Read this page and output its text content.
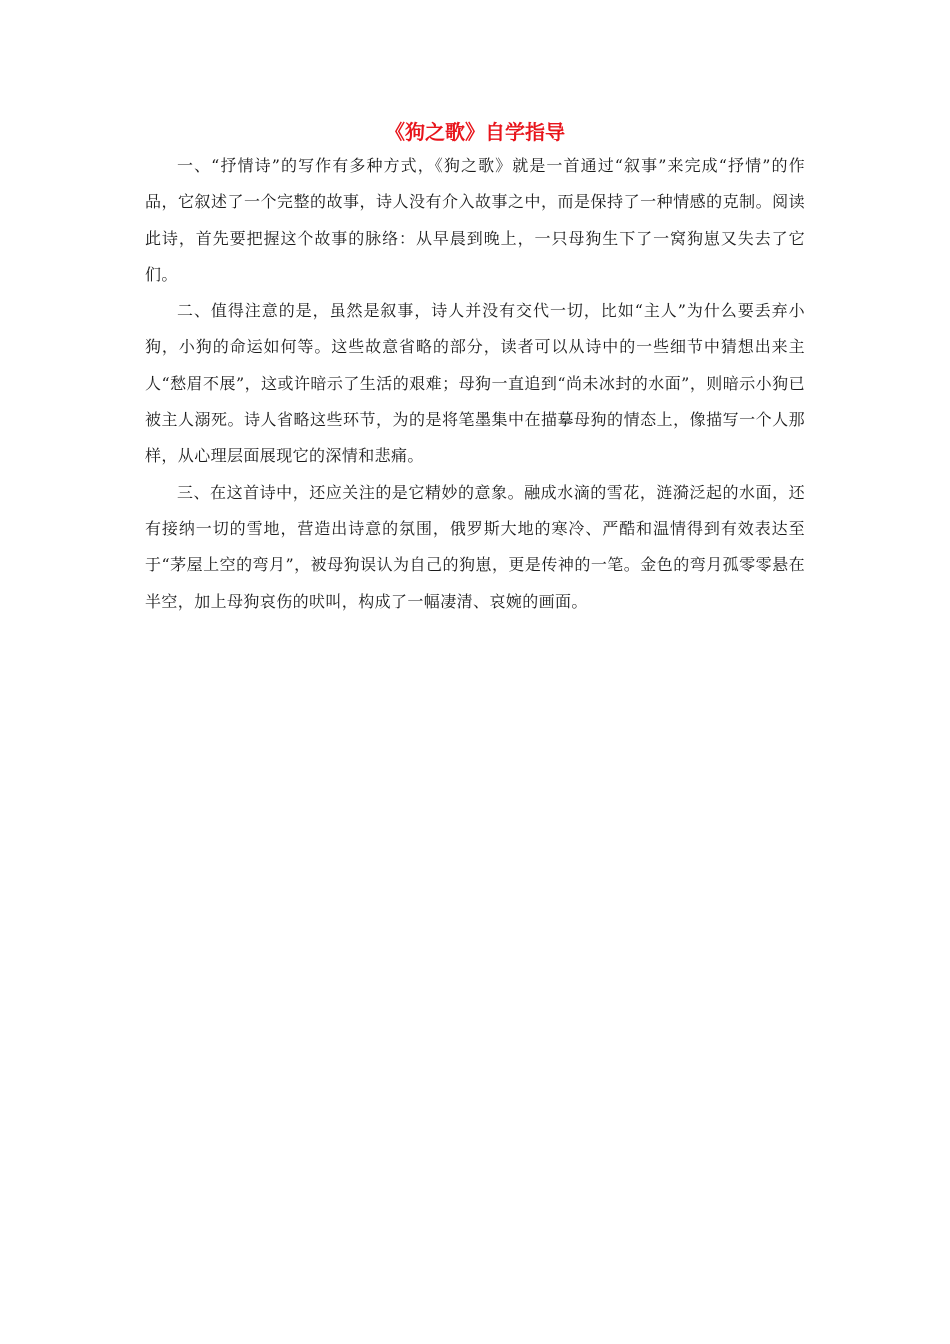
《狗之歌》自学指导

一、“抒情诗”的写作有多种方式，《狗之歌》就是一首通过“叙事”来完成“抒情”的作品，它叙述了一个完整的故事，诗人没有介入故事之中，而是保持了一种情感的克制。阅读此诗，首先要把握这个故事的脉络：从早晨到晚上，一只母狗生下了一窝狗崽又失去了它们。

二、值得注意的是，虽然是叙事，诗人并没有交代一切，比如“主人”为什么要丢弃小狗，小狗的命运如何等。这些故意省略的部分，读者可以从诗中的一些细节中猜想出来主人“愁眉不展”，这或许暗示了生活的艰难；母狗一直追到“尚未冰封的水面”，则暗示小狗已被主人溺死。诗人省略这些环节，为的是将笔墨集中在描摹母狗的情态上，像描写一个人那样，从心理层面展现它的深情和悲痛。

三、在这首诗中，还应关注的是它精妙的意象。融成水滴的雪花，涟漪泛起的水面，还有接纳一切的雪地，营造出诗意的氛围，俄罗斯大地的寒冷、严酷和温情得到有效表达至于“茅屋上空的弯月”，被母狗误认为自己的狗崽，更是传神的一笔。金色的弯月孤零零悬在半空，加上母狗哀伤的吠叫，构成了一幅凄清、哀婉的画面。
